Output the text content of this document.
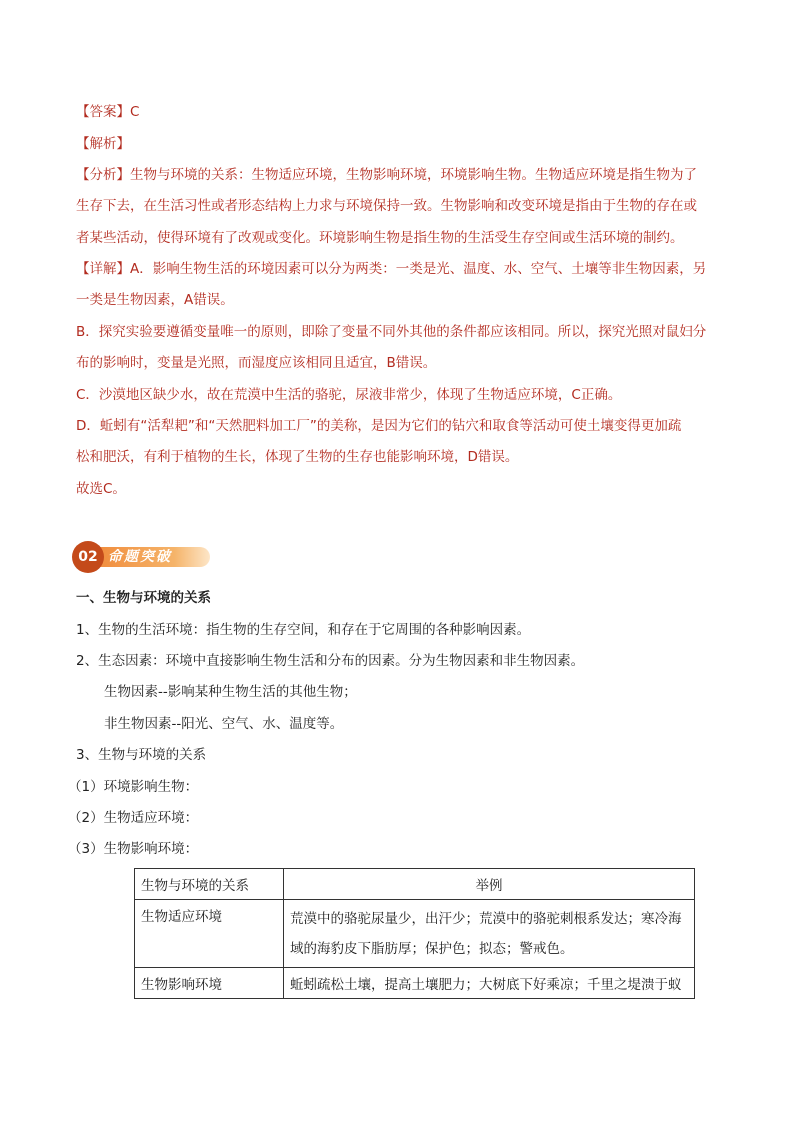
【答案】C
【解析】
【分析】生物与环境的关系：生物适应环境，生物影响环境，环境影响生物。生物适应环境是指生物为了
生存下去，在生活习性或者形态结构上力求与环境保持一致。生物影响和改变环境是指由于生物的存在或
者某些活动，使得环境有了改观或变化。环境影响生物是指生物的生活受生存空间或生活环境的制约。
【详解】A．影响生物生活的环境因素可以分为两类：一类是光、温度、水、空气、土壤等非生物因素，另
一类是生物因素，A错误。
B．探究实验要遵循变量唯一的原则，即除了变量不同外其他的条件都应该相同。所以，探究光照对鼠妇分
布的影响时，变量是光照，而湿度应该相同且适宜，B错误。
C．沙漠地区缺少水，故在荒漠中生活的骆驼，尿液非常少，体现了生物适应环境，C正确。
D．蚯蚓有“活犁耙”和“天然肥料加工厂”的美称，是因为它们的钻穴和取食等活动可使土壤变得更加疏
松和肥沃，有利于植物的生长，体现了生物的生存也能影响环境，D错误。
故选C。
02 命题突破
一、生物与环境的关系
1、生物的生活环境：指生物的生存空间，和存在于它周围的各种影响因素。
2、生态因素：环境中直接影响生物生活和分布的因素。分为生物因素和非生物因素。
生物因素--影响某种生物生活的其他生物；
非生物因素--阳光、空气、水、温度等。
3、生物与环境的关系
（1）环境影响生物：
（2）生物适应环境：
（3）生物影响环境：
生物与环境的关系	举例
生物适应环境	荒漠中的骆驼尿量少，出汗少；荒漠中的骆驼刺根系发达；寒冷海域的海豹皮下脂肪厚；保护色；拟态；警戒色。
生物影响环境	蚯蚓疏松土壤，提高土壤肥力；大树底下好乘凉；千里之堤溃于蚁
